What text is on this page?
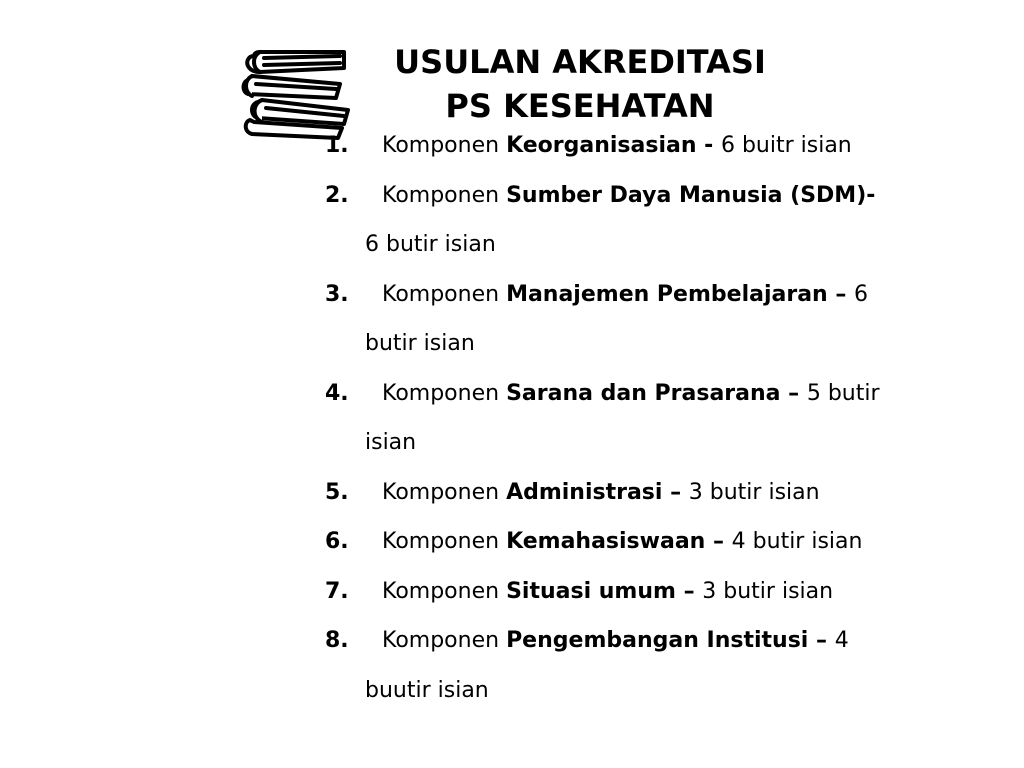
USULAN AKREDITASI
PS KESEHATAN
1.	Komponen Keorganisasian - 6 buitr isian
2.	Komponen Sumber Daya Manusia (SDM)-
6 butir isian
3.	Komponen Manajemen Pembelajaran – 6
butir isian
4.	Komponen Sarana dan Prasarana – 5 butir
isian
5.	Komponen Administrasi – 3 butir isian
6.	Komponen Kemahasiswaan – 4 butir isian
7.	Komponen Situasi umum – 3 butir isian
8.	Komponen Pengembangan Institusi – 4
buutir isian
